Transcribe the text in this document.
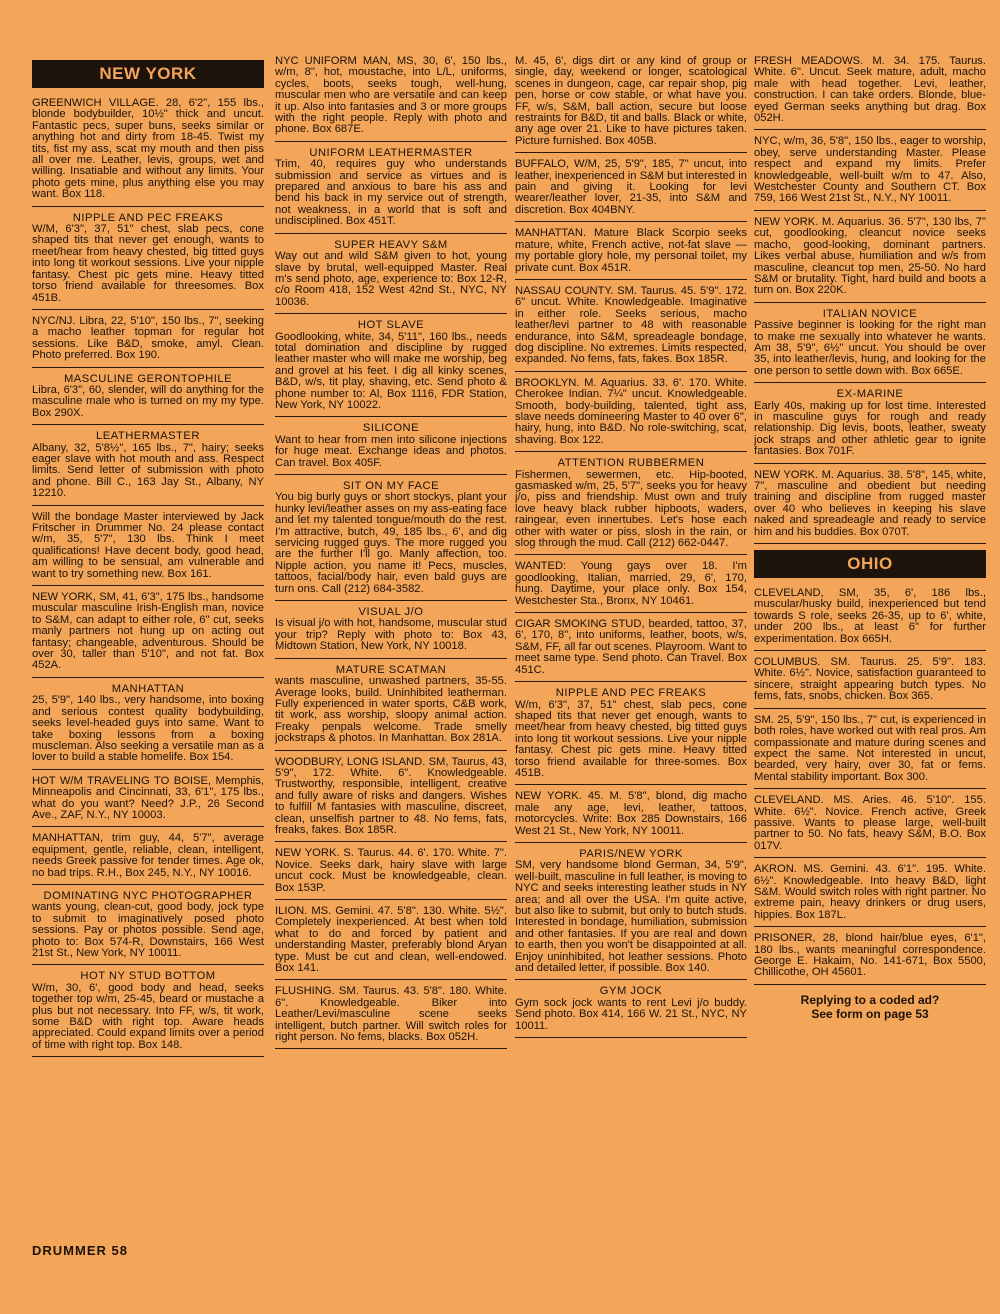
NEW YORK
GREENWICH VILLAGE. 28, 6'2", 155 lbs., blonde bodybuilder, 10½" thick and uncut. Fantastic pecs, super buns, seeks similar or anything hot and dirty from 18-45. Twist my tits, fist my ass, scat my mouth and then piss all over me. Leather, levis, groups, wet and willing. Insatiable and without any limits. Your photo gets mine, plus anything else you may want. Box 118.
NIPPLE AND PEC FREAKS
W/M, 6'3", 37, 51" chest, slab pecs, cone shaped tits that never get enough, wants to meet/hear from heavy chested, big titted guys into long tit workout sessions. Live your nipple fantasy. Chest pic gets mine. Heavy titted torso friend available for threesomes. Box 451B.
NYC/NJ. Libra, 22, 5'10", 150 lbs., 7", seeking a macho leather topman for regular hot sessions. Like B&D, smoke, amyl. Clean. Photo preferred. Box 190.
MASCULINE GERONTOPHILE
Libra, 6'3", 60, slender, will do anything for the masculine male who is turned on my my type. Box 290X.
LEATHERMASTER
Albany, 32, 5'8½", 165 lbs., 7", hairy; seeks eager slave with hot mouth and ass. Respect limits. Send letter of submission with photo and phone. Bill C., 163 Jay St., Albany, NY 12210.
Will the bondage Master interviewed by Jack Fritscher in Drummer No. 24 please contact w/m, 35, 5'7", 130 lbs. Think I meet qualifications! Have decent body, good head, am willing to be sensual, am vulnerable and want to try something new. Box 161.
NEW YORK, SM, 41, 6'3", 175 lbs., handsome muscular masculine Irish-English man, novice to S&M, can adapt to either role, 6" cut, seeks manly partners not hung up on acting out fantasy; changeable, adventurous. Should be over 30, taller than 5'10", and not fat. Box 452A.
MANHATTAN
25, 5'9", 140 lbs., very handsome, into boxing and serious contest quality bodybuilding, seeks level-headed guys into same. Want to take boxing lessons from a boxing muscleman. Also seeking a versatile man as a lover to build a stable homelife. Box 154.
HOT W/M TRAVELING TO BOISE, Memphis, Minneapolis and Cincinnati, 33, 6'1", 175 lbs., what do you want? Need? J.P., 26 Second Ave., ZAF, N.Y., NY 10003.
MANHATTAN, trim guy, 44, 5'7", average equipment, gentle, reliable, clean, intelligent, needs Greek passive for tender times. Age ok, no bad trips. R.H., Box 245, N.Y., NY 10016.
DOMINATING NYC PHOTOGRAPHER
wants young, clean-cut, good body, jock type to submit to imaginatively posed photo sessions. Pay or photos possible. Send age, photo to: Box 574-R, Downstairs, 166 West 21st St., New York, NY 10011.
HOT NY STUD BOTTOM
W/m, 30, 6', good body and head, seeks together top w/m, 25-45, beard or mustache a plus but not necessary. Into FF, w/s, tit work, some B&D with right top. Aware heads appreciated. Could expand limits over a period of time with right top. Box 148.
NYC UNIFORM MAN, MS, 30, 6', 150 lbs., w/m, 8", hot, moustache, into L/L, uniforms, cycles, boots, seeks tough, well-hung, muscular men who are versatile and can keep it up. Also into fantasies and 3 or more groups with the right people. Reply with photo and phone. Box 687E.
UNIFORM LEATHERMASTER
Trim, 40, requires guy who understands submission and service as virtues and is prepared and anxious to bare his ass and bend his back in my service out of strength, not weakness, in a world that is soft and undisciplined. Box 451T.
SUPER HEAVY S&M
Way out and wild S&M given to hot, young slave by brutal, well-equipped Master. Real m's send photo, age, experience to: Box 12-R, c/o Room 418, 152 West 42nd St., NYC, NY 10036.
HOT SLAVE
Goodlooking, white, 34, 5'11", 160 lbs., needs total domination and discipline by rugged leather master who will make me worship, beg and grovel at his feet. I dig all kinky scenes, B&D, w/s, tit play, shaving, etc. Send photo & phone number to: Al, Box 1116, FDR Station, New York, NY 10022.
SILICONE
Want to hear from men into silicone injections for huge meat. Exchange ideas and photos. Can travel. Box 405F.
SIT ON MY FACE
You big burly guys or short stockys, plant your hunky levi/leather asses on my ass-eating face and let my talented tongue/mouth do the rest. I'm attractive, butch, 49, 185 lbs., 6', and dig servicing rugged guys. The more rugged you are the further I'll go. Manly affection, too. Nipple action, you name it! Pecs, muscles, tattoos, facial/body hair, even bald guys are turn ons. Call (212) 684-3582.
VISUAL J/O
Is visual j/o with hot, handsome, muscular stud your trip? Reply with photo to: Box 43, Midtown Station, New York, NY 10018.
MATURE SCATMAN
wants masculine, unwashed partners, 35-55. Average looks, build. Uninhibited leatherman. Fully experienced in water sports, C&B work, tit work, ass worship, sloopy animal action. Freaky penpals welcome. Trade smelly jockstraps & photos. In Manhattan. Box 281A.
WOODBURY, LONG ISLAND. SM, Taurus, 43, 5'9", 172. White. 6". Knowledgeable. Trustworthy, responsible, intelligent, creative and fully aware of risks and dangers. Wishes to fulfill M fantasies with masculine, discreet, clean, unselfish partner to 48. No fems, fats, freaks, fakes. Box 185R.
NEW YORK. S. Taurus. 44. 6'. 170. White. 7". Novice. Seeks dark, hairy slave with large uncut cock. Must be knowledgeable, clean. Box 153P.
ILION. MS. Gemini. 47. 5'8". 130. White. 5½". Completely inexperienced. At best when told what to do and forced by patient and understanding Master, preferably blond Aryan type. Must be cut and clean, well-endowed. Box 141.
FLUSHING. SM. Taurus. 43. 5'8". 180. White. 6". Knowledgeable. Biker into Leather/Levi/masculine scene seeks intelligent, butch partner. Will switch roles for right person. No fems, blacks. Box 052H.
M. 45, 6', digs dirt or any kind of group or single, day, weekend or longer, scatological scenes in dungeon, cage, car repair shop, pig pen, horse or cow stable, or what have you. FF, w/s, S&M, ball action, secure but loose restraints for B&D, tit and balls. Black or white, any age over 21. Like to have pictures taken. Picture furnished. Box 405B.
BUFFALO, W/M, 25, 5'9", 185, 7" uncut, into leather, inexperienced in S&M but interested in pain and giving it. Looking for levi wearer/leather lover, 21-35, into S&M and discretion. Box 404BNY.
MANHATTAN. Mature Black Scorpio seeks mature, white, French active, not-fat slave — my portable glory hole, my personal toilet, my private cunt. Box 451R.
NASSAU COUNTY. SM. Taurus. 45. 5'9". 172. 6" uncut. White. Knowledgeable. Imaginative in either role. Seeks serious, macho leather/levi partner to 48 with reasonable endurance, into S&M, spreadeagle bondage, dog discipline. No extremes. Limits respected, expanded. No fems, fats, fakes. Box 185R.
BROOKLYN. M. Aquarius. 33. 6'. 170. White. Cherokee Indian. 7¼" uncut. Knowledgeable. Smooth, body-building, talented, tight ass, slave needs domineering Master to 40 over 6", hairy, hung, into B&D. No role-switching, scat, shaving. Box 122.
ATTENTION RUBBERMEN
Fishermen, sewermen, etc. Hip-booted, gasmasked w/m, 25, 5'7", seeks you for heavy j/o, piss and friendship. Must own and truly love heavy black rubber hipboots, waders, raingear, even innertubes. Let's hose each other with water or piss, slosh in the rain, or slog through the mud. Call (212) 662-0447.
WANTED: Young gays over 18. I'm goodlooking, Italian, married, 29, 6', 170, hung. Daytime, your place only. Box 154, Westchester Sta., Bronx, NY 10461.
CIGAR SMOKING STUD, bearded, tattoo, 37, 6', 170, 8", into uniforms, leather, boots, w/s, S&M, FF, all far out scenes. Playroom. Want to meet same type. Send photo. Can Travel. Box 451C.
NIPPLE AND PEC FREAKS
W/m, 6'3", 37, 51" chest, slab pecs, cone shaped tits that never get enough, wants to meet/hear from heavy chested, big titted guys into long tit workout sessions. Live your nipple fantasy. Chest pic gets mine. Heavy titted torso friend available for three-somes. Box 451B.
NEW YORK. 45. M. 5'8", blond, dig macho male any age, levi, leather, tattoos, motorcycles. Write: Box 285 Downstairs, 166 West 21 St., New York, NY 10011.
PARIS/NEW YORK
SM, very handsome blond German, 34, 5'9", well-built, masculine in full leather, is moving to NYC and seeks interesting leather studs in NY area; and all over the USA. I'm quite active, but also like to submit, but only to butch studs. Interested in bondage, humiliation, submission and other fantasies. If you are real and down to earth, then you won't be disappointed at all. Enjoy uninhibited, hot leather sessions. Photo and detailed letter, if possible. Box 140.
GYM JOCK
Gym sock jock wants to rent Levi j/o buddy. Send photo. Box 414, 166 W. 21 St., NYC, NY 10011.
FRESH MEADOWS. M. 34. 175. Taurus. White. 6". Uncut. Seek mature, adult, macho male with head together. Levi, leather, construction. I can take orders. Blonde, blue-eyed German seeks anything but drag. Box 052H.
NYC, w/m, 36, 5'8", 150 lbs., eager to worship, obey, serve understanding Master. Please respect and expand my limits. Prefer knowledgeable, well-built w/m to 47. Also, Westchester County and Southern CT. Box 759, 166 West 21st St., N.Y., NY 10011.
NEW YORK. M. Aquarius. 36. 5'7", 130 lbs, 7" cut, goodlooking, cleancut novice seeks macho, good-looking, dominant partners. Likes verbal abuse, humiliation and w/s from masculine, cleancut top men, 25-50. No hard S&M or brutality. Tight, hard build and boots a turn on. Box 220K.
ITALIAN NOVICE
Passive beginner is looking for the right man to make me sexually into whatever he wants. Am 38, 5'9", 6½" uncut. You should be over 35, into leather/levis, hung, and looking for the one person to settle down with. Box 665E.
EX-MARINE
Early 40s, making up for lost time. Interested in masculine guys for rough and ready relationship. Dig levis, boots, leather, sweaty jock straps and other athletic gear to ignite fantasies. Box 701F.
NEW YORK. M. Aquarius. 38. 5'8", 145, white, 7", masculine and obedient but needing training and discipline from rugged master over 40 who believes in keeping his slave naked and spreadeagle and ready to service him and his buddies. Box 070T.
OHIO
CLEVELAND, SM, 35, 6', 186 lbs., muscular/husky build, inexperienced but tend towards S role, seeks 26-35, up to 6', white, under 200 lbs., at least 6" for further experimentation. Box 665H.
COLUMBUS. SM. Taurus. 25. 5'9". 183. White. 6½". Novice, satisfaction guaranteed to sincere, straight appearing butch types. No fems, fats, snobs, chicken. Box 365.
SM. 25, 5'9", 150 lbs., 7" cut, is experienced in both roles, have worked out with real pros. Am compassionate and mature during scenes and expect the same. Not interested in uncut, bearded, very hairy, over 30, fat or fems. Mental stability important. Box 300.
CLEVELAND. MS. Aries. 46. 5'10". 155. White. 6½". Novice. French active, Greek passive. Wants to please large, well-built partner to 50. No fats, heavy S&M, B.O. Box 017V.
AKRON. MS. Gemini. 43. 6'1". 195. White. 6½". Knowledgeable. Into heavy B&D, light S&M. Would switch roles with right partner. No extreme pain, heavy drinkers or drug users, hippies. Box 187L.
PRISONER, 28, blond hair/blue eyes, 6'1", 180 lbs., wants meaningful correspondence. George E. Hakaim, No. 141-671, Box 5500, Chillicothe, OH 45601.
Replying to a coded ad?
See form on page 53
DRUMMER 58
